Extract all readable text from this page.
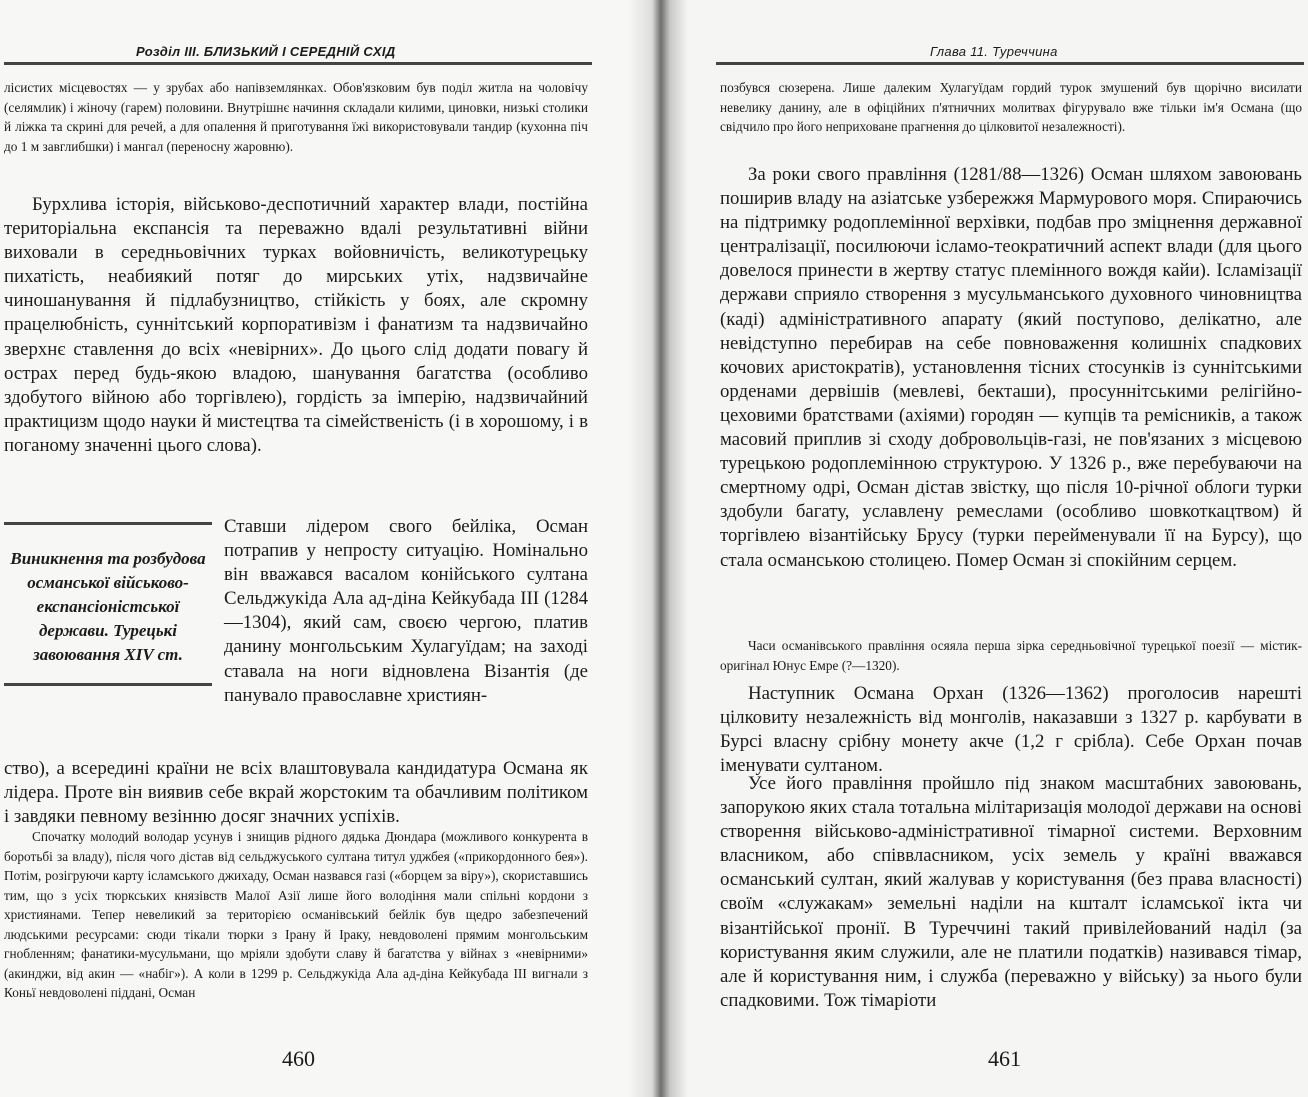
Розділ ІІІ. БЛИЗЬКИЙ І СЕРЕДНІЙ СХІД

лісистих місцевостях — у зрубах або напівземлянках. Обов'язковим був поділ житла на чоловічу (селямлик) і жіночу (гарем) половини. Внутрішнє начиння складали килими, циновки, низькі столики й ліжка та скрині для речей, а для опалення й приготування їжі використовували тандир (кухонна піч до 1 м завглибшки) і мангал (переносну жаровню).

Бурхлива історія, військово-деспотичний характер влади, постійна територіальна експансія та переважно вдалі результативні війни виховали в середньовічних турках войовничість, великотурецьку пихатість, неабиякий потяг до мирських утіх, надзвичайне чиношанування й підлабузництво, стійкість у боях, але скромну працелюбність, суннітський корпоративізм і фанатизм та надзвичайно зверхнє ставлення до всіх «невірних». До цього слід додати повагу й острах перед будь-якою владою, шанування багатства (особливо здобутого війною або торгівлею), гордість за імперію, надзвичайний практицизм щодо науки й мистецтва та сімейственість (і в хорошому, і в поганому значенні цього слова).

Виникнення та розбудова османської військово-експансіоністської держави. Турецькі завоювання XIV ст.

Ставши лідером свого бейліка, Осман потрапив у непросту ситуацію. Номінально він вважався васалом конійського султана Сельджукіда Ала ад-діна Кейкубада III (1284—1304), який сам, своєю чергою, платив данину монгольським Хулагуїдам; на заході ставала на ноги відновлена Візантія (де панувало православне християн-

ство), а всередині країни не всіх влаштовувала кандидатура Османа як лідера. Проте він виявив себе вкрай жорстоким та обачливим політиком і завдяки певному везінню досяг значних успіхів.

Спочатку молодий володар усунув і знищив рідного дядька Дюндара (можливого конкурента в боротьбі за владу), після чого дістав від сельджуського султана титул уджбея («прикордонного бея»). Потім, розігруючи карту ісламського джихаду, Осман назвався газі («борцем за віру»), скориставшись тим, що з усіх тюркських князівств Малої Азії лише його володіння мали спільні кордони з християнами. Тепер невеликий за територією османівський бейлік був щедро забезпечений людськими ресурсами: сюди тікали тюрки з Ірану й Іраку, невдоволені прямим монгольським гнобленням; фанатики-мусульмани, що мріяли здобути славу й багатства у війнах з «невірними» (акинджи, від акин — «набіг»). А коли в 1299 р. Сельджукіда Ала ад-діна Кейкубада III вигнали з Коньї невдоволені піддані, Осман

460
Глава 11. Туреччина

позбувся сюзерена. Лише далеким Хулагуїдам гордий турок змушений був щорічно висилати невелику данину, але в офіційних п'ятничних молитвах фігурувало вже тільки ім'я Османа (що свідчило про його неприховане прагнення до цілковитої незалежності).

За роки свого правління (1281/88—1326) Осман шляхом завоювань поширив владу на азіатське узбережжя Мармурового моря. Спираючись на підтримку родоплемінної верхівки, подбав про зміцнення державної централізації, посилюючи ісламо-теократичний аспект влади (для цього довелося принести в жертву статус племінного вождя кайи). Ісламізації держави сприяло створення з мусульманського духовного чиновництва (каді) адміністративного апарату (який поступово, делікатно, але невідступно перебирав на себе повноваження колишніх спадкових кочових аристократів), установлення тісних стосунків із суннітськими орденами дервішів (мевлеві, бекташи), просуннітськими релігійно-цеховими братствами (ахіями) городян — купців та ремісників, а також масовий приплив зі сходу добровольців-газі, не пов'язаних з місцевою турецькою родоплемінною структурою. У 1326 р., вже перебуваючи на смертному одрі, Осман дістав звістку, що після 10-річної облоги турки здобули багату, уславлену ремеслами (особливо шовкоткацтвом) й торгівлею візантійську Брусу (турки перейменували її на Бурсу), що стала османською столицею. Помер Осман зі спокійним серцем.

Часи османівського правління осяяла перша зірка середньовічної турецької поезії — містик-оригінал Юнус Емре (?—1320).

Наступник Османа Орхан (1326—1362) проголосив нарешті цілковиту незалежність від монголів, наказавши з 1327 р. карбувати в Бурсі власну срібну монету акче (1,2 г срібла). Себе Орхан почав іменувати султаном.

Усе його правління пройшло під знаком масштабних завоювань, запорукою яких стала тотальна мілітаризація молодої держави на основі створення військово-адміністративної тімарної системи. Верховним власником, або співвласником, усіх земель у країні вважався османський султан, який жалував у користування (без права власності) своїм «служакам» земельні наділи на кшталт ісламської ікта чи візантійської пронії. В Туреччині такий привілейований наділ (за користування яким служили, але не платили податків) називався тімар, але й користування ним, і служба (переважно у війську) за нього були спадковими. Тож тімаріоти

461
